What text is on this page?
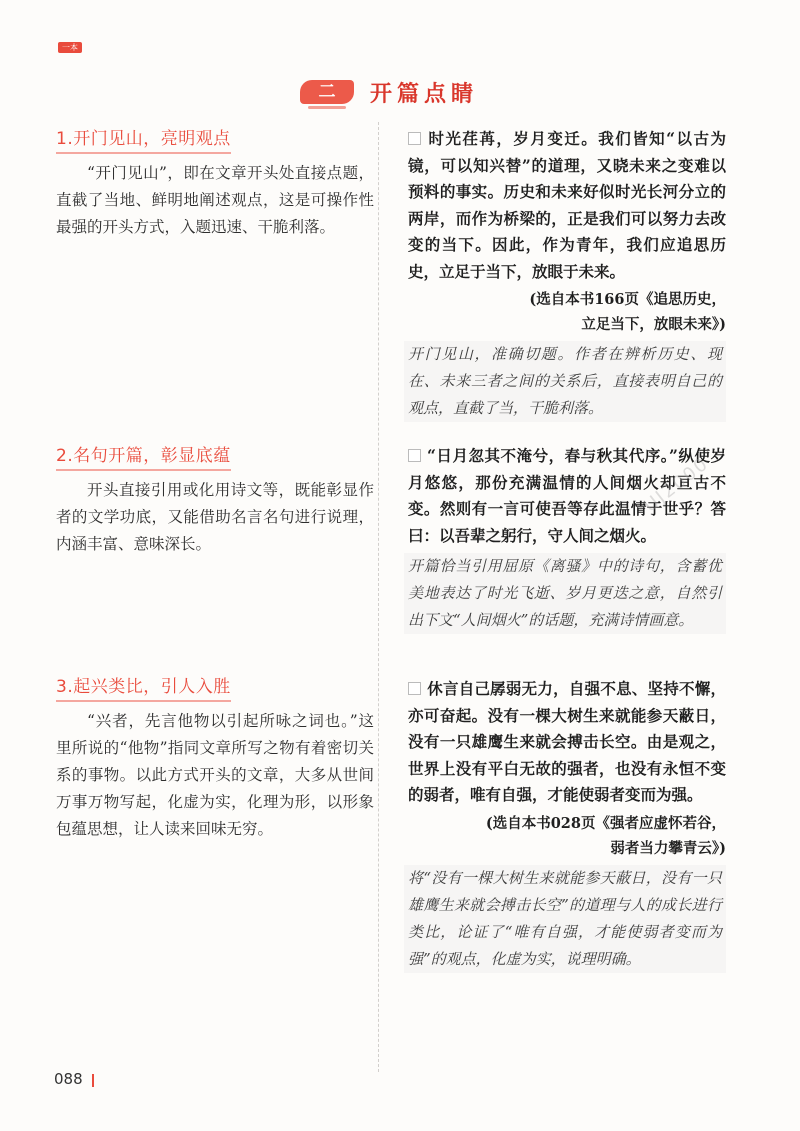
一本
二	开篇点睛
1.开门见山，亮明观点
“开门见山”，即在文章开头处直接点题，直截了当地、鲜明地阐述观点，这是可操作性最强的开头方式，入题迅速、干脆利落。
2.名句开篇，彰显底蕴
开头直接引用或化用诗文等，既能彰显作者的文学功底，又能借助名言名句进行说理，内涵丰富、意味深长。
3.起兴类比，引人入胜
“兴者，先言他物以引起所咏之词也。”这里所说的“他物”指同文章所写之物有着密切关系的事物。以此方式开头的文章，大多从世间万事万物写起，化虚为实，化理为形，以形象包蕴思想，让人读来回味无穷。
时光荏苒，岁月变迁。我们皆知“以古为镜，可以知兴替”的道理，又晓未来之变难以预料的事实。历史和未来好似时光长河分立的两岸，而作为桥梁的，正是我们可以努力去改变的当下。因此，作为青年，我们应追思历史，立足于当下，放眼于未来。
(选自本书166页《追思历史，
立足当下，放眼未来》)
开门见山，准确切题。作者在辨析历史、现在、未来三者之间的关系后，直接表明自己的观点，直截了当，干脆利落。
“日月忽其不淹兮，春与秋其代序。”纵使岁月悠悠，那份充满温情的人间烟火却亘古不变。然则有一言可使吾等存此温情于世乎？答曰：以吾辈之躬行，守人间之烟火。
开篇恰当引用屈原《离骚》中的诗句，含蓄优美地表达了时光飞逝、岁月更迭之意，自然引出下文“人间烟火”的话题，充满诗情画意。
休言自己孱弱无力，自强不息、坚持不懈，亦可奋起。没有一棵大树生来就能参天蔽日，没有一只雄鹰生来就会搏击长空。由是观之，世界上没有平白无故的强者，也没有永恒不变的弱者，唯有自强，才能使弱者变而为强。
(选自本书028页《强者应虚怀若谷，
弱者当力攀青云》)
将“没有一棵大树生来就能参天蔽日，没有一只雄鹰生来就会搏击长空”的道理与人的成长进行类比，论证了“唯有自强，才能使弱者变而为强”的观点，化虚为实，说理明确。
UJ2000
088
